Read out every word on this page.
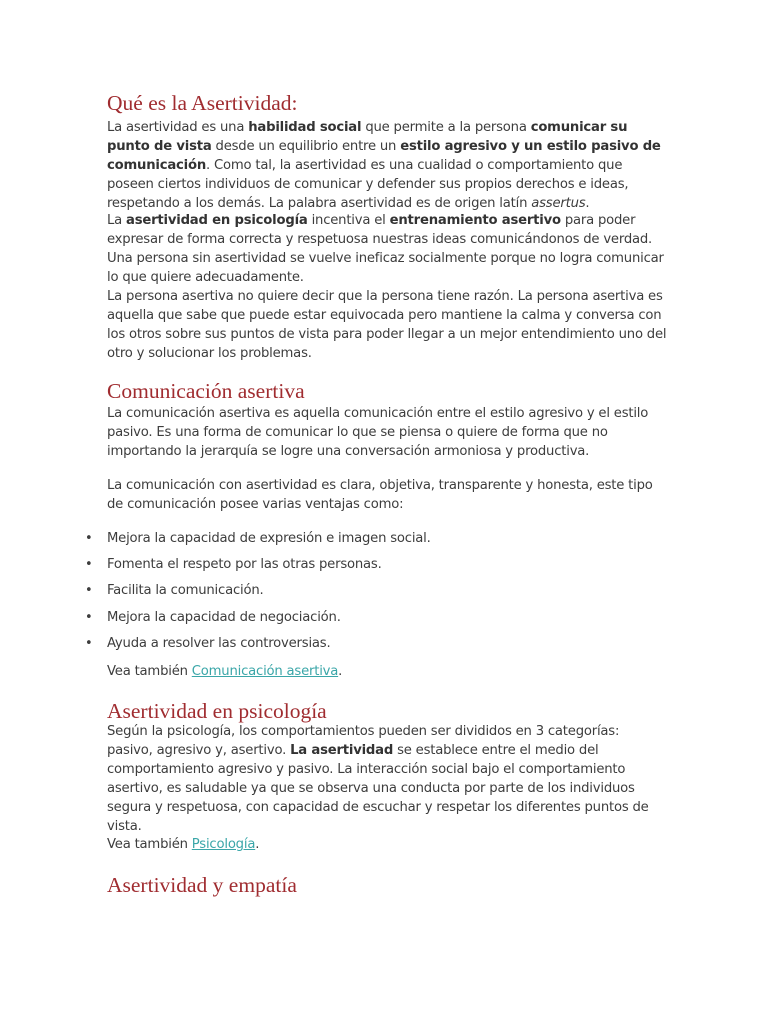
Qué es la Asertividad:

La asertividad es una habilidad social que permite a la persona comunicar su punto de vista desde un equilibrio entre un estilo agresivo y un estilo pasivo de comunicación. Como tal, la asertividad es una cualidad o comportamiento que poseen ciertos individuos de comunicar y defender sus propios derechos e ideas, respetando a los demás. La palabra asertividad es de origen latín assertus.

La asertividad en psicología incentiva el entrenamiento asertivo para poder expresar de forma correcta y respetuosa nuestras ideas comunicándonos de verdad. Una persona sin asertividad se vuelve ineficaz socialmente porque no logra comunicar lo que quiere adecuadamente.

La persona asertiva no quiere decir que la persona tiene razón. La persona asertiva es aquella que sabe que puede estar equivocada pero mantiene la calma y conversa con los otros sobre sus puntos de vista para poder llegar a un mejor entendimiento uno del otro y solucionar los problemas.

Comunicación asertiva

La comunicación asertiva es aquella comunicación entre el estilo agresivo y el estilo pasivo. Es una forma de comunicar lo que se piensa o quiere de forma que no importando la jerarquía se logre una conversación armoniosa y productiva.

La comunicación con asertividad es clara, objetiva, transparente y honesta, este tipo de comunicación posee varias ventajas como:

• Mejora la capacidad de expresión e imagen social.
• Fomenta el respeto por las otras personas.
• Facilita la comunicación.
• Mejora la capacidad de negociación.
• Ayuda a resolver las controversias.

Vea también Comunicación asertiva.

Asertividad en psicología

Según la psicología, los comportamientos pueden ser divididos en 3 categorías: pasivo, agresivo y, asertivo. La asertividad se establece entre el medio del comportamiento agresivo y pasivo. La interacción social bajo el comportamiento asertivo, es saludable ya que se observa una conducta por parte de los individuos segura y respetuosa, con capacidad de escuchar y respetar los diferentes puntos de vista.

Vea también Psicología.

Asertividad y empatía
